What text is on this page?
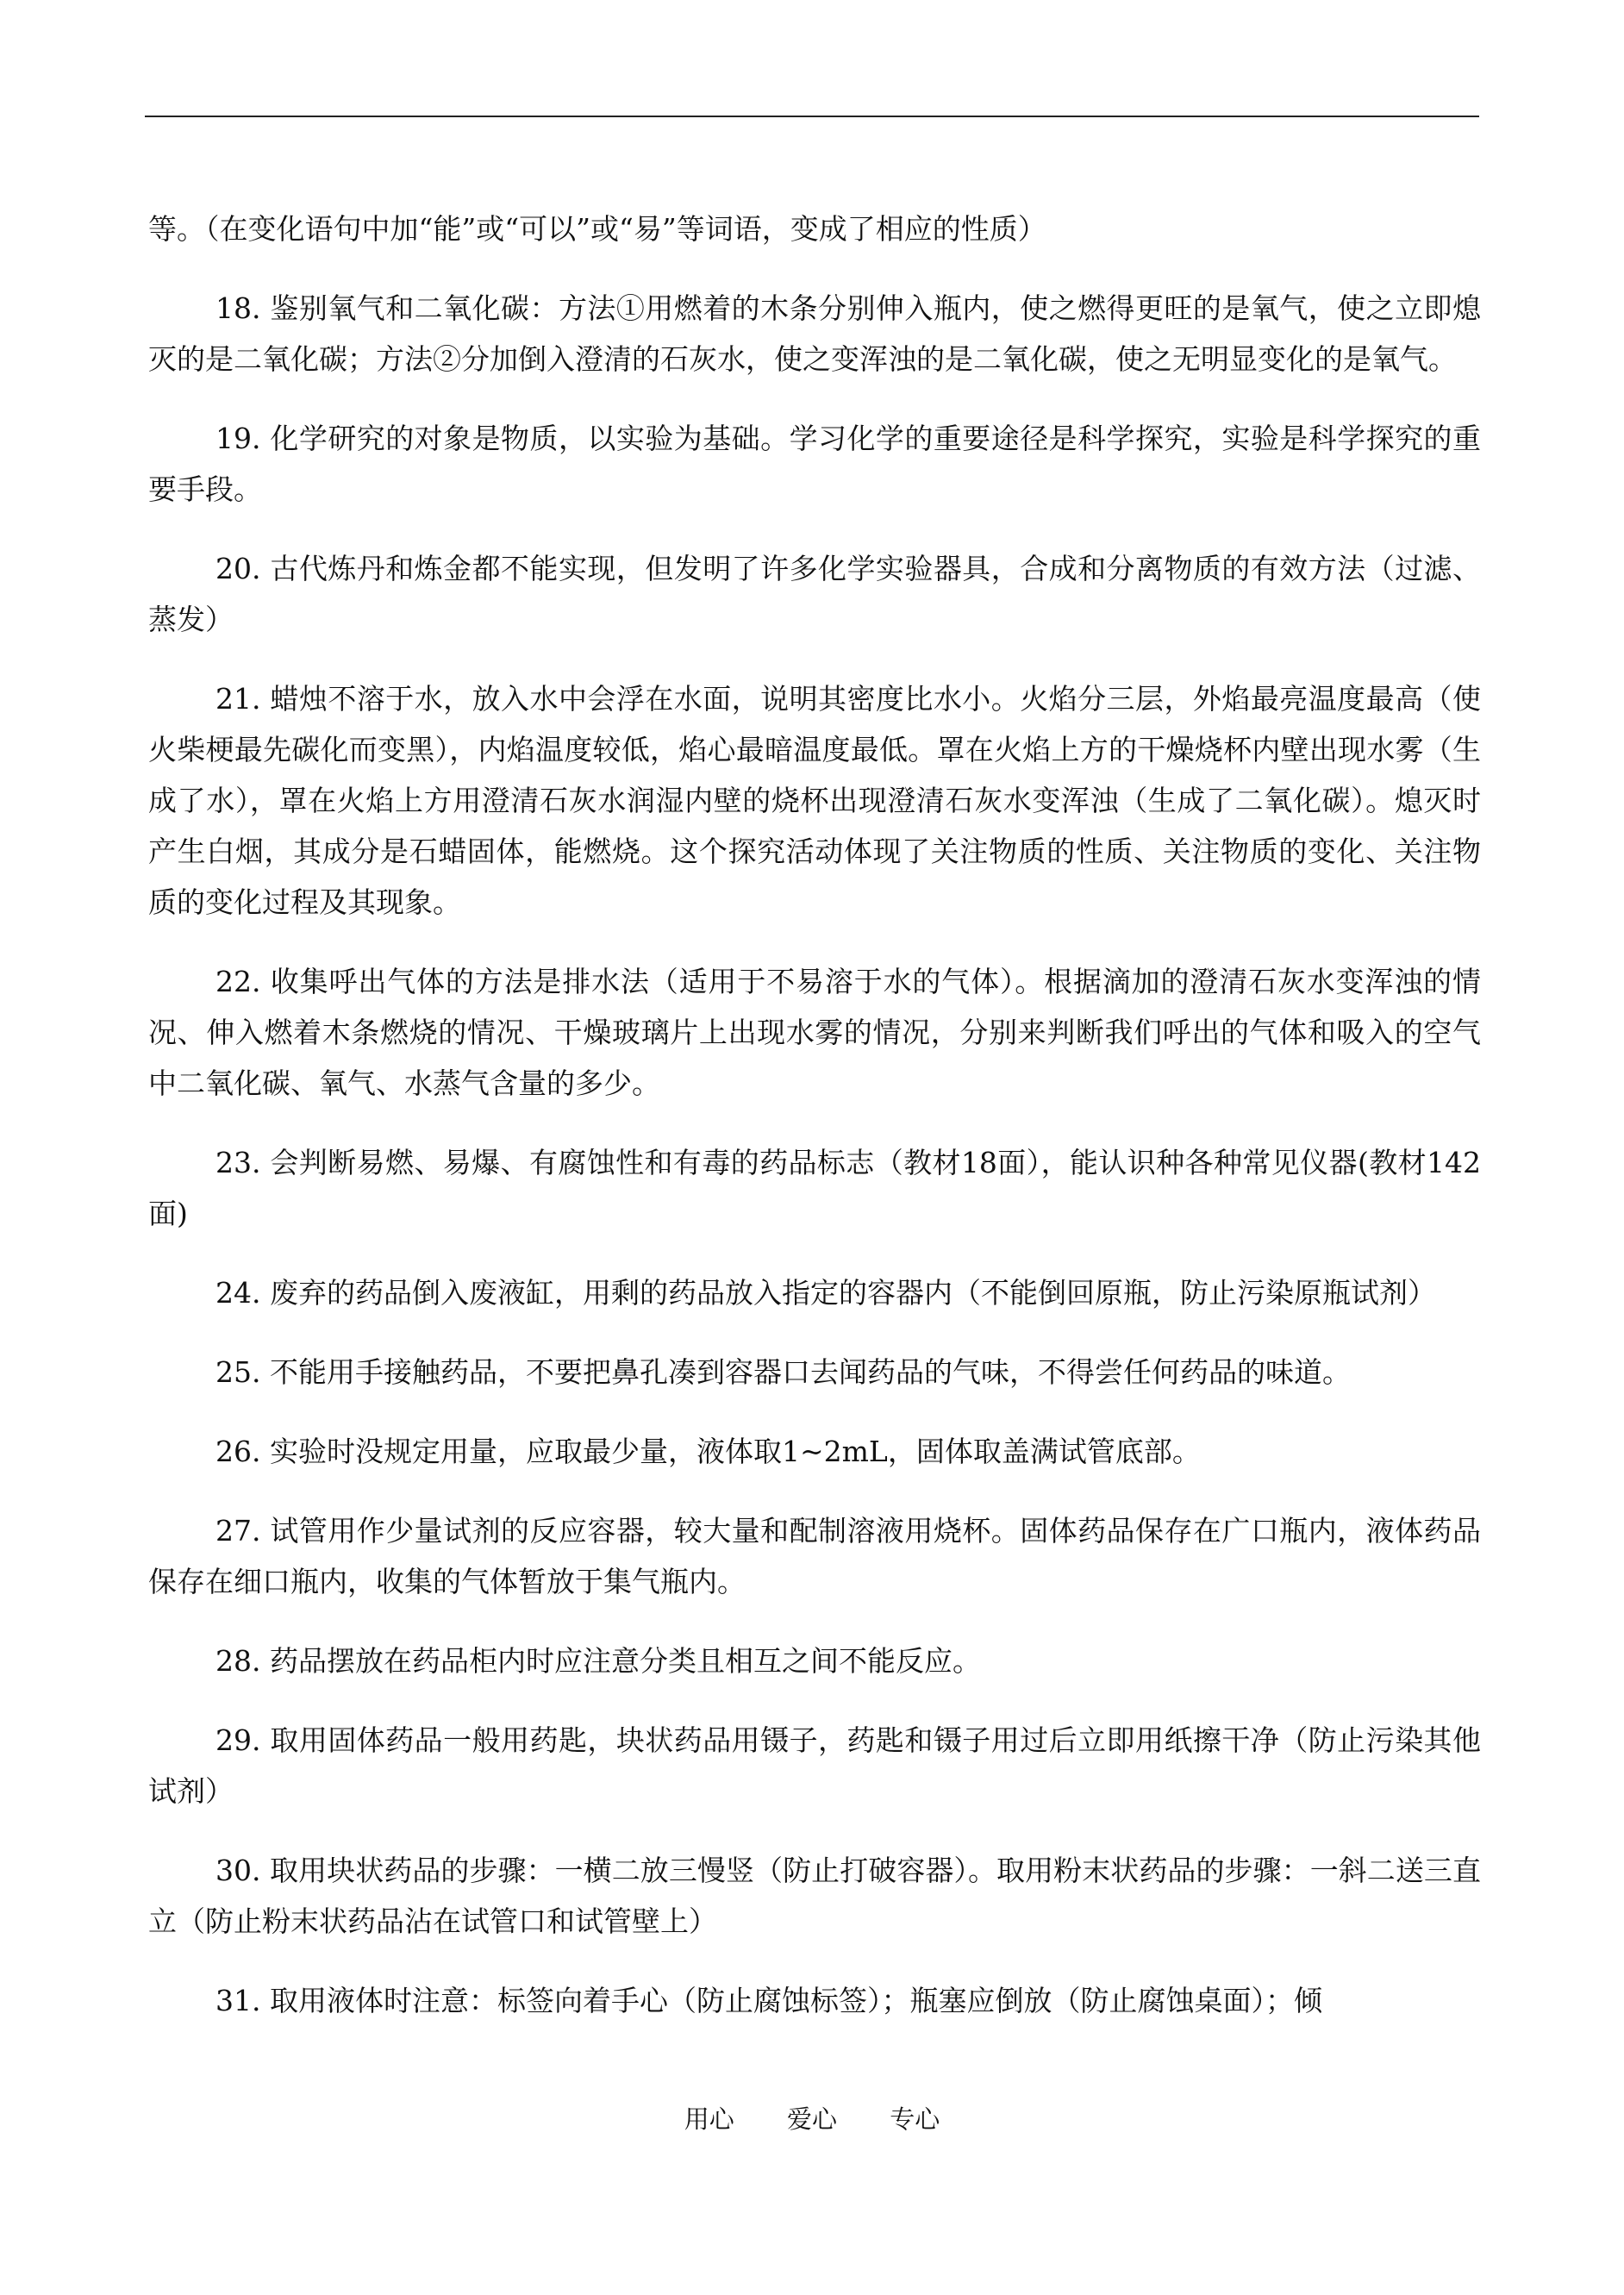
等。（在变化语句中加“能”或“可以”或“易”等词语，变成了相应的性质）

18. 鉴别氧气和二氧化碳：方法①用燃着的木条分别伸入瓶内，使之燃得更旺的是氧气，使之立即熄灭的是二氧化碳；方法②分加倒入澄清的石灰水，使之变浑浊的是二氧化碳，使之无明显变化的是氧气。

19. 化学研究的对象是物质，以实验为基础。学习化学的重要途径是科学探究，实验是科学探究的重要手段。

20. 古代炼丹和炼金都不能实现，但发明了许多化学实验器具，合成和分离物质的有效方法（过滤、蒸发）

21. 蜡烛不溶于水，放入水中会浮在水面，说明其密度比水小。火焰分三层，外焰最亮温度最高（使火柴梗最先碳化而变黑），内焰温度较低，焰心最暗温度最低。罩在火焰上方的干燥烧杯内壁出现水雾（生成了水），罩在火焰上方用澄清石灰水润湿内壁的烧杯出现澄清石灰水变浑浊（生成了二氧化碳）。熄灭时产生白烟，其成分是石蜡固体，能燃烧。这个探究活动体现了关注物质的性质、关注物质的变化、关注物质的变化过程及其现象。

22. 收集呼出气体的方法是排水法（适用于不易溶于水的气体）。根据滴加的澄清石灰水变浑浊的情况、伸入燃着木条燃烧的情况、干燥玻璃片上出现水雾的情况，分别来判断我们呼出的气体和吸入的空气中二氧化碳、氧气、水蒸气含量的多少。

23. 会判断易燃、易爆、有腐蚀性和有毒的药品标志（教材18面），能认识种各种常见仪器(教材142面)

24. 废弃的药品倒入废液缸，用剩的药品放入指定的容器内（不能倒回原瓶，防止污染原瓶试剂）

25. 不能用手接触药品，不要把鼻孔凑到容器口去闻药品的气味，不得尝任何药品的味道。

26. 实验时没规定用量，应取最少量，液体取1~2mL，固体取盖满试管底部。

27. 试管用作少量试剂的反应容器，较大量和配制溶液用烧杯。固体药品保存在广口瓶内，液体药品保存在细口瓶内，收集的气体暂放于集气瓶内。

28. 药品摆放在药品柜内时应注意分类且相互之间不能反应。

29. 取用固体药品一般用药匙，块状药品用镊子，药匙和镊子用过后立即用纸擦干净（防止污染其他试剂）

30. 取用块状药品的步骤：一横二放三慢竖（防止打破容器）。取用粉末状药品的步骤：一斜二送三直立（防止粉末状药品沾在试管口和试管壁上）

31. 取用液体时注意：标签向着手心（防止腐蚀标签）；瓶塞应倒放（防止腐蚀桌面）；倾

用心 爱心 专心
